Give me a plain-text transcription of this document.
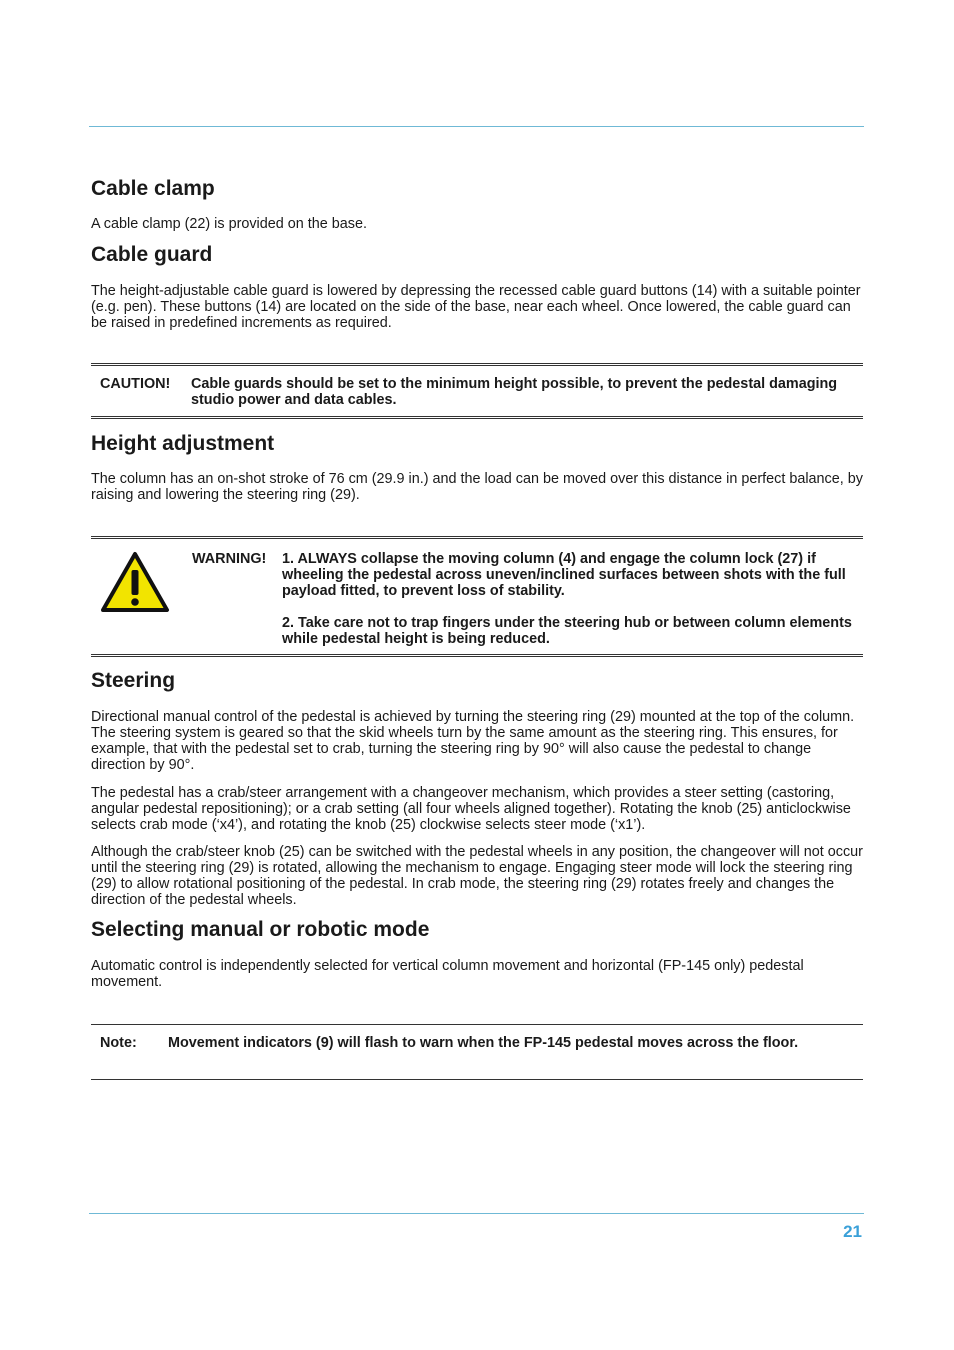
Cable clamp

A cable clamp (22) is provided on the base.

Cable guard

The height-adjustable cable guard is lowered by depressing the recessed cable guard buttons (14) with a suitable pointer (e.g. pen). These buttons (14) are located on the side of the base, near each wheel. Once lowered, the cable guard can be raised in predefined increments as required.

CAUTION! Cable guards should be set to the minimum height possible, to prevent the pedestal damaging studio power and data cables.
Height adjustment

The column has an on-shot stroke of 76 cm (29.9 in.) and the load can be moved over this distance in perfect balance, by raising and lowering the steering ring (29).

WARNING! 1. ALWAYS collapse the moving column (4) and engage the column lock (27) if wheeling the pedestal across uneven/inclined surfaces between shots with the full payload fitted, to prevent loss of stability.
2. Take care not to trap fingers under the steering hub or between column elements while pedestal height is being reduced.
Steering

Directional manual control of the pedestal is achieved by turning the steering ring (29) mounted at the top of the column. The steering system is geared so that the skid wheels turn by the same amount as the steering ring. This ensures, for example, that with the pedestal set to crab, turning the steering ring by 90° will also cause the pedestal to change direction by 90°.

The pedestal has a crab/steer arrangement with a changeover mechanism, which provides a steer setting (castoring, angular pedestal repositioning); or a crab setting (all four wheels aligned together). Rotating the knob (25) anticlockwise selects crab mode (‘x4’), and rotating the knob (25) clockwise selects steer mode (‘x1’).

Although the crab/steer knob (25) can be switched with the pedestal wheels in any position, the changeover will not occur until the steering ring (29) is rotated, allowing the mechanism to engage. Engaging steer mode will lock the steering ring (29) to allow rotational positioning of the pedestal. In crab mode, the steering ring (29) rotates freely and changes the direction of the pedestal wheels.

Selecting manual or robotic mode

Automatic control is independently selected for vertical column movement and horizontal (FP-145 only) pedestal movement.

Note: Movement indicators (9) will flash to warn when the FP-145 pedestal moves across the floor.
21
